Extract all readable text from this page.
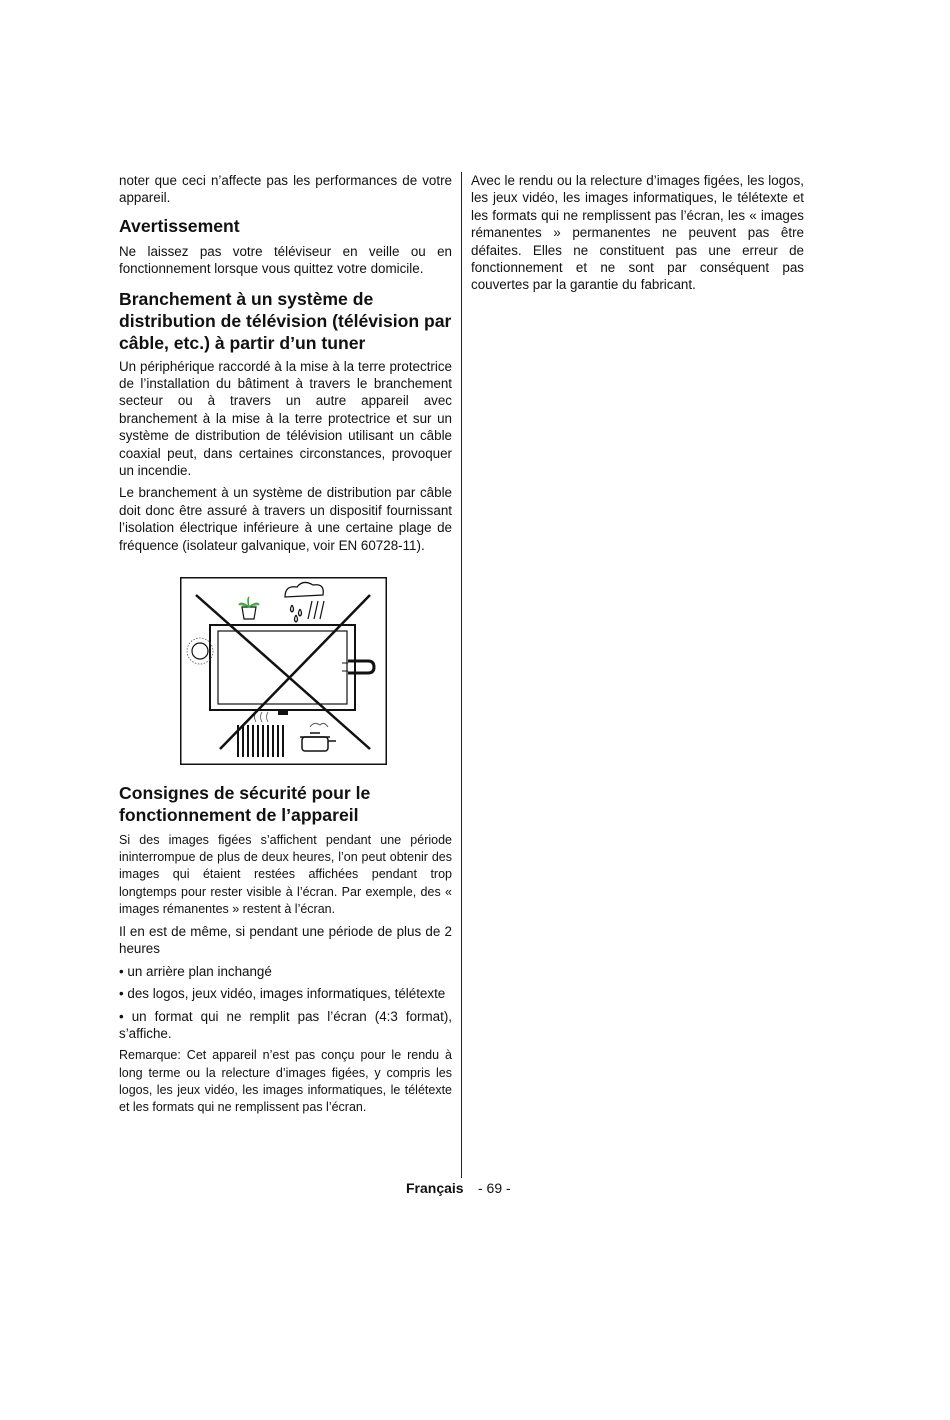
noter que ceci n’affecte pas les performances de votre appareil.

Avertissement

Ne laissez pas votre téléviseur en veille ou en fonctionnement lorsque vous quittez votre domicile.

Branchement à un système de distribution de télévision (télévision par câble, etc.) à partir d’un tuner

Un périphérique raccordé à la mise à la terre protectrice de l’installation du bâtiment à travers le branchement secteur ou à travers un autre appareil avec branchement à la mise à la terre protectrice et sur un système de distribution de télévision utilisant un câble coaxial peut, dans certaines circonstances, provoquer un incendie.

Le branchement à un système de distribution par câble doit donc être assuré à travers un dispositif fournissant l’isolation électrique inférieure à une certaine plage de fréquence (isolateur galvanique, voir EN 60728-11).

Consignes de sécurité pour le fonctionnement de l’appareil

Si des images figées s’affichent pendant une période ininterrompue de plus de deux heures, l’on peut obtenir des images qui étaient restées affichées pendant trop longtemps pour rester visible à l’écran. Par exemple, des « images rémanentes » restent à l’écran.

Il en est de même, si pendant une période de plus de 2 heures

• un arrière plan inchangé

• des logos, jeux vidéo, images informatiques, télétexte

• un format qui ne remplit pas l’écran (4:3 format), s’affiche.

Remarque: Cet appareil n’est pas conçu pour le rendu à long terme ou la relecture d’images figées, y compris les logos, les jeux vidéo, les images informatiques, le télétexte et les formats qui ne remplissent pas l’écran.

Avec le rendu ou la relecture d’images figées, les logos, les jeux vidéo, les images informatiques, le télétexte et les formats qui ne remplissent pas l’écran, les « images rémanentes » permanentes ne peuvent pas être défaites. Elles ne constituent pas une erreur de fonctionnement et ne sont par conséquent pas couvertes par la garantie du fabricant.

Français - 69 -
